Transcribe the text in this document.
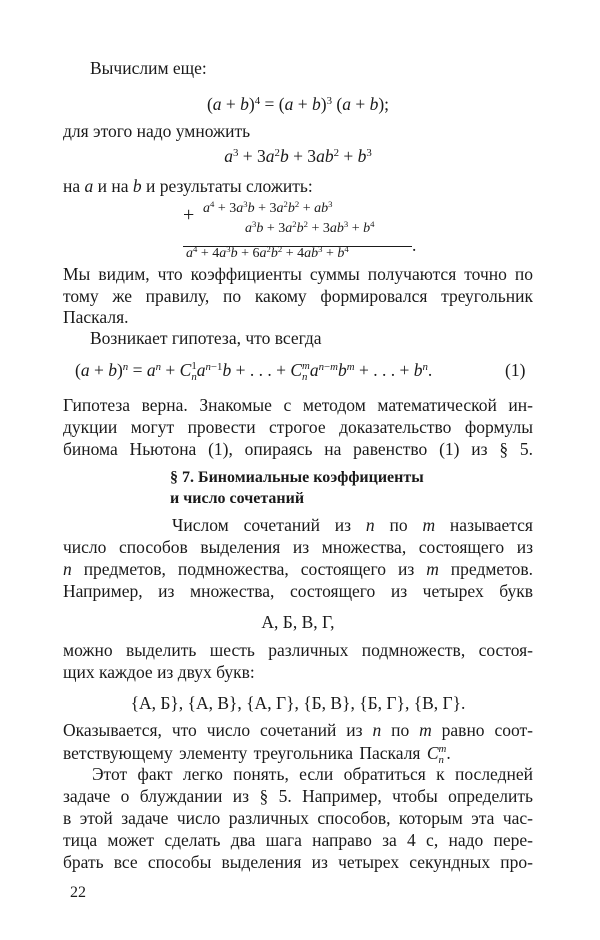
Вычислим еще:
$(a + b)^4 = (a + b)^3$ (a + b);
для этого надо умножить
$a^3 + 3a^2b + 3ab^2 + b^3$
на a и на b и результаты сложить:
+ $a^4 + 3a^3b + 3a^2b^2 + ab^3$
$a^3b + 3a^2b^2 + 3ab^3 + b^4$
$a^4 + 4a^3b + 6a^2b^2 + 4ab^3 + b^4$	.
Мы видим, что коэффициенты суммы получаются точно по
тому же правилу, по какому формировался треугольник
Паскаля.
Возникает гипотеза, что всегда
$(a + b)^n = a^n + C$ 1
n $a^{n-1}b$ + . . . + C m
n $a^{n-m}b^m$ + . . . + $b^n$.	(1)
Гипотеза верна. Знакомые с методом математической ин-
дукции могут провести строгое доказательство формулы
бинома Ньютона (1), опираясь на равенство (1) из § 5.
§ 7. Биномиальные коэффициенты
и число сочетаний
Числом сочетаний из n по m называется
число способов выделения из множества, состоящего из
n предметов, подмножества, состоящего из m предметов.
Например, из множества, состоящего из четырех букв
А, Б, В, Г,
можно выделить шесть различных подмножеств, состоя-
щих каждое из двух букв:
{А, Б}, {А, В}, {А, Г}, {Б, В}, {Б, Г}, {В, Г}.
Оказывается, что число сочетаний из n по m равно соот-
ветствующему элементу треугольника Паскаля C m
n .
Этот факт легко понять, если обратиться к последней
задаче о блуждании из § 5. Например, чтобы определить
в этой задаче число различных способов, которым эта час-
тица может сделать два шага направо за 4 с, надо пере-
брать все способы выделения из четырех секундных про-
22
